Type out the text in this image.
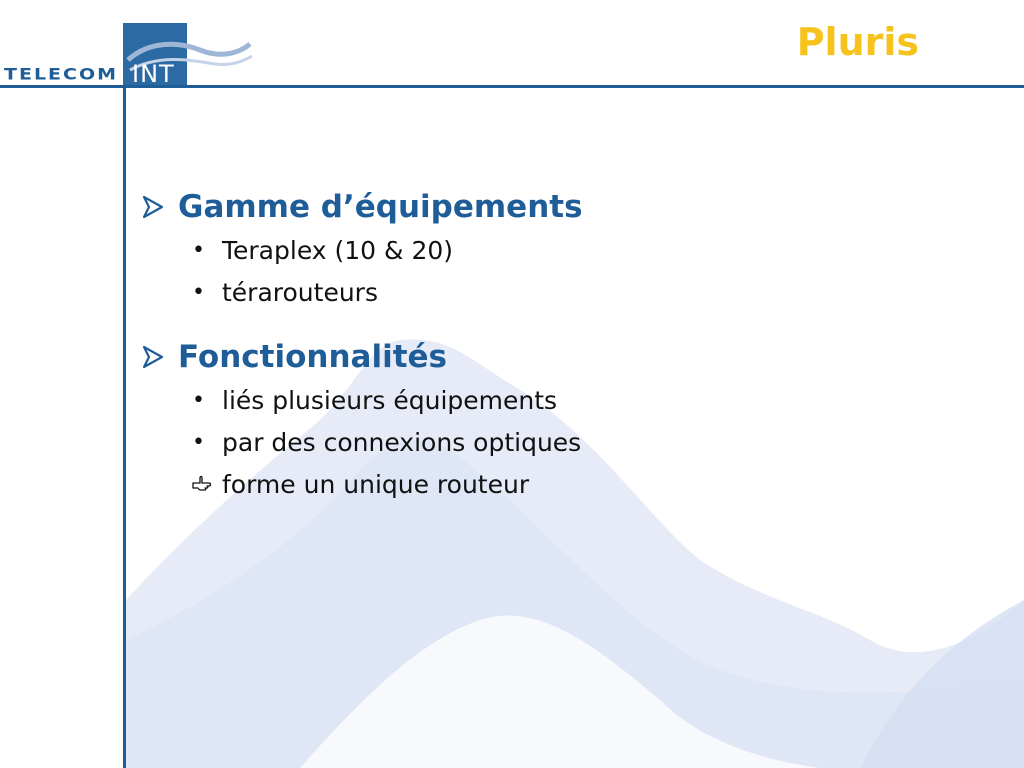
TELECOM INT
Pluris
Gamme d’équipements
• Teraplex (10 & 20)
• térarouteurs
Fonctionnalités
• liés plusieurs équipements
• par des connexions optiques
forme un unique routeur
